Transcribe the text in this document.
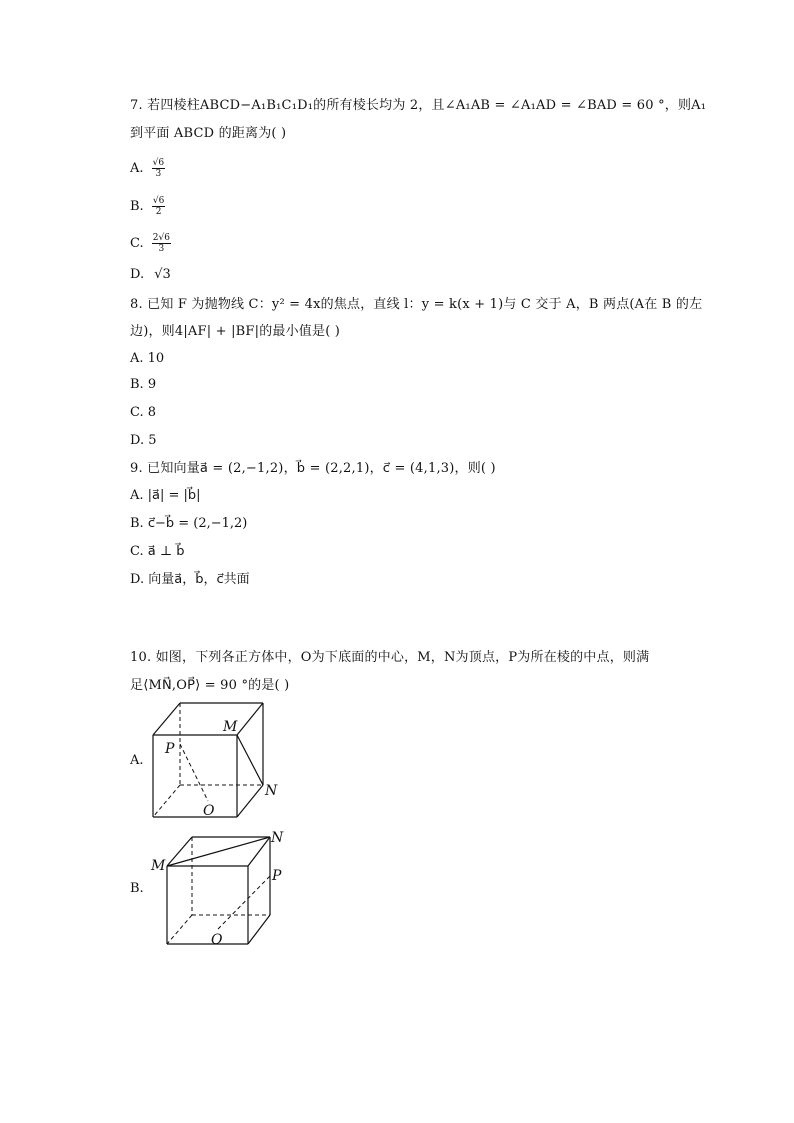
7. 若四棱柱ABCD−A₁B₁C₁D₁的所有棱长均为 2，且∠A₁AB = ∠A₁AD = ∠BAD = 60 °，则A₁
到平面 ABCD 的距离为( )
A. $\frac{√6}{3}$
B. $\frac{√6}{2}$
C. $\frac{2√6}{3}$
D. √3
8. 已知 F 为抛物线 C：y² = 4x的焦点，直线 l：y = k(x + 1)与 C 交于 A，B 两点(A在 B 的左
边)，则4|AF| + |BF|的最小值是( )
A. 10
B. 9
C. 8
D. 5
9. 已知向量a⃗ = (2,−1,2)，b⃗ = (2,2,1)，c⃗ = (4,1,3)，则( )
A. |a⃗| = |b⃗|
B. c⃗−b⃗ = (2,−1,2)
C. a⃗ ⊥ b⃗
D. 向量a⃗，b⃗，c⃗共面
10. 如图，下列各正方体中，O为下底面的中心，M，N为顶点，P为所在棱的中点，则满
足⟨MN⃗,OP⃗⟩ = 90 °的是( )
A.
M
N
P
O
B.
M
N
P
O
